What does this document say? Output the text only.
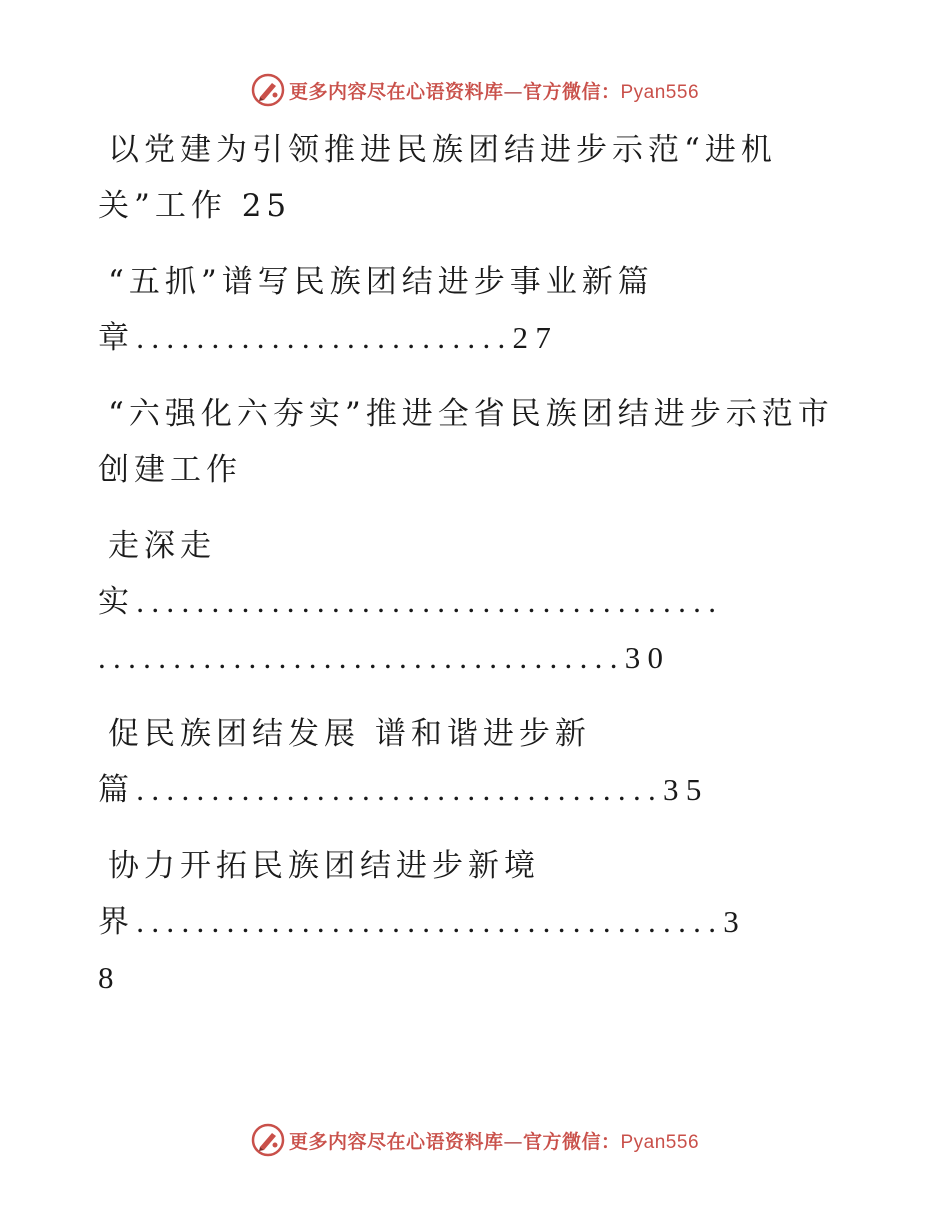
更多内容尽在心语资料库—官方微信：Pyan556
以党建为引领推进民族团结进步示范“进机
关”工作 25
“五抓”谱写民族团结进步事业新篇
章.........................27
“六强化六夯实”推进全省民族团结进步示范市
创建工作
走深走
实.......................................
...................................30
促民族团结发展 谱和谐进步新
篇...................................35
协力开拓民族团结进步新境
界.......................................3
8
更多内容尽在心语资料库—官方微信：Pyan556
